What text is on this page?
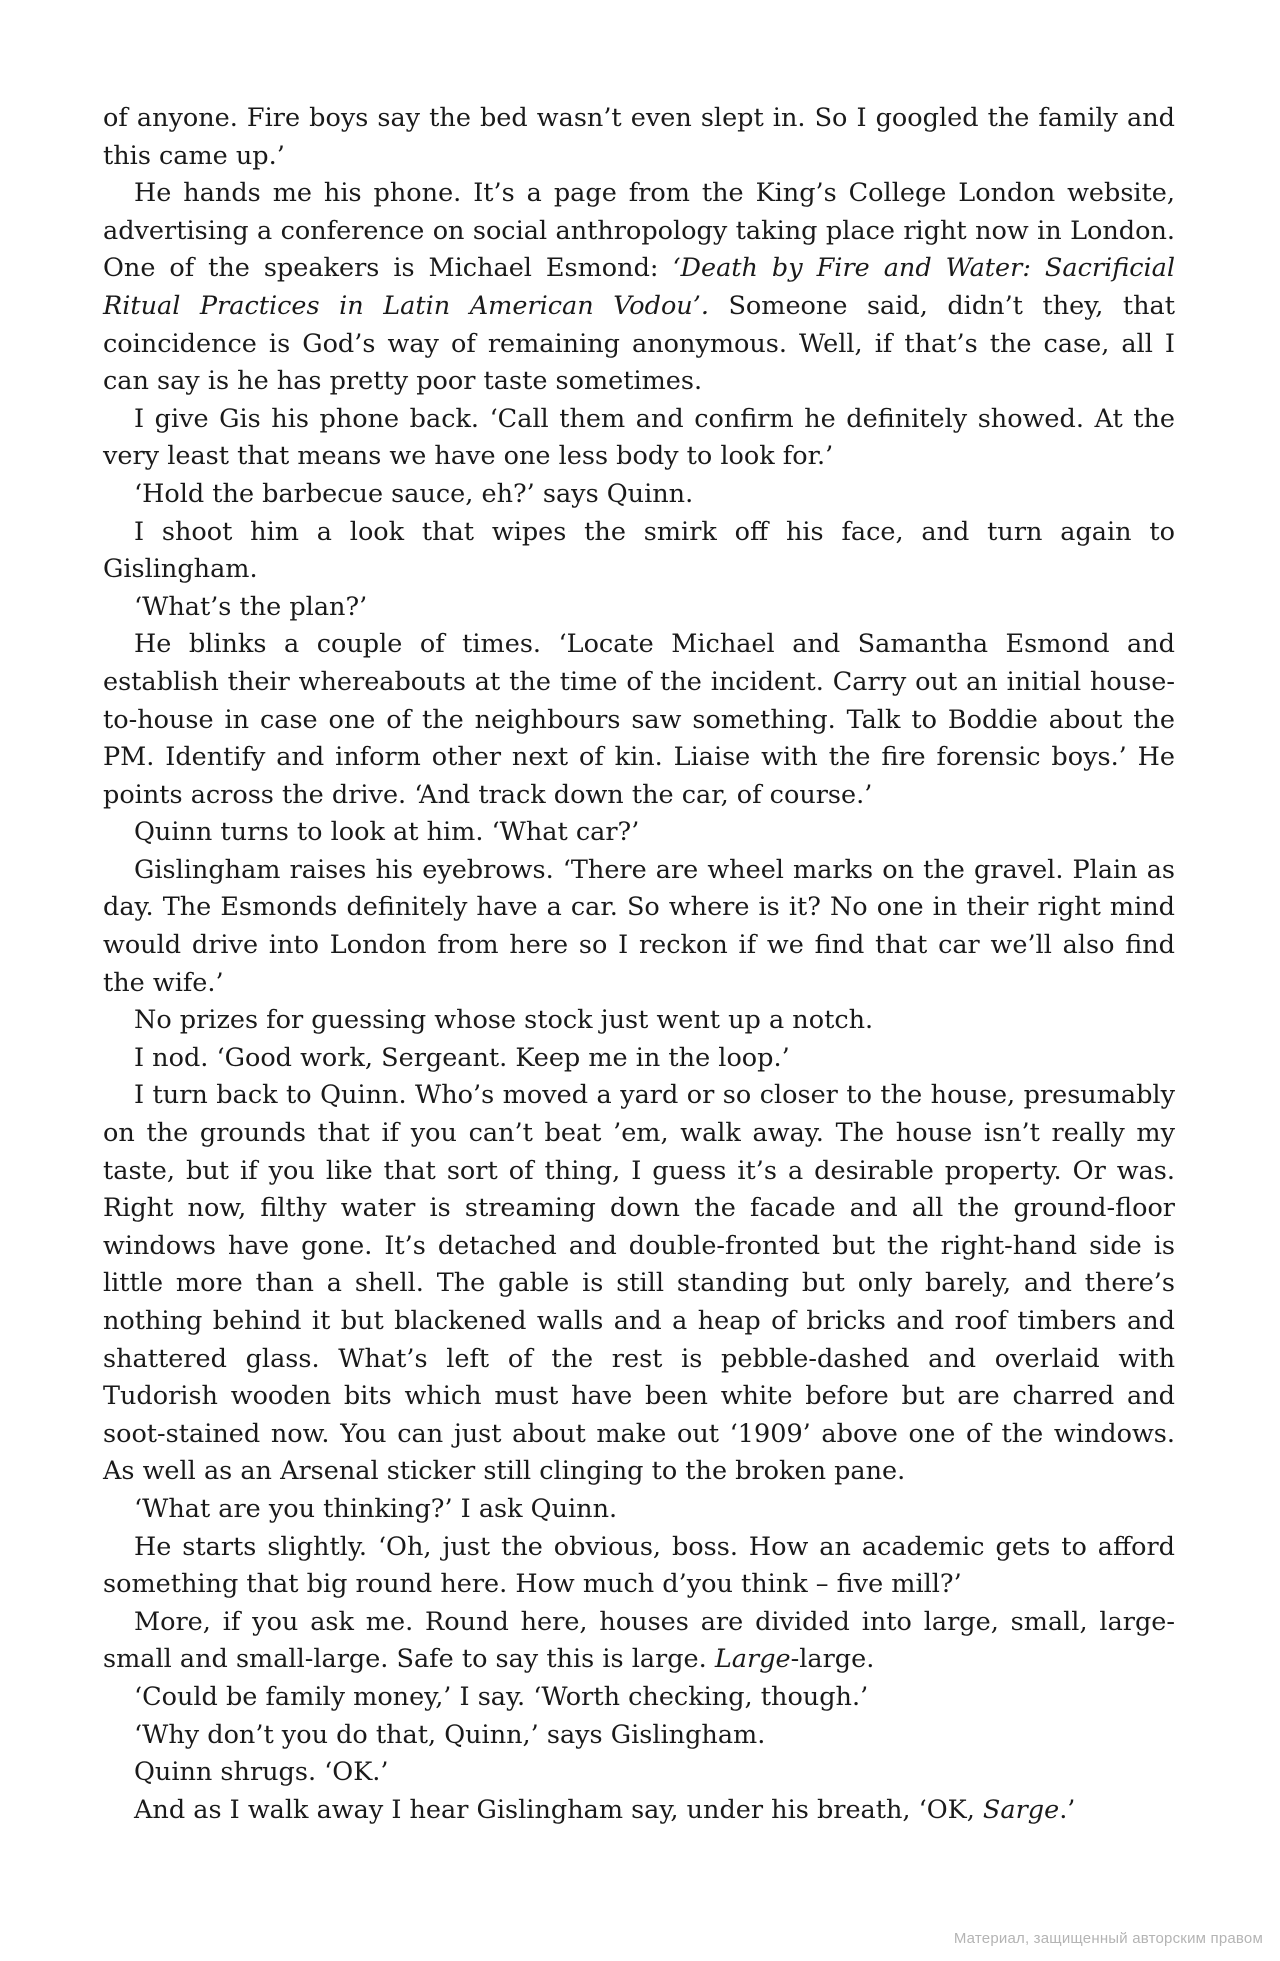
of anyone. Fire boys say the bed wasn’t even slept in. So I googled the family and this came up.’

He hands me his phone. It’s a page from the King’s College London website, advertising a conference on social anthropology taking place right now in London. One of the speakers is Michael Esmond: ‘Death by Fire and Water: Sacrificial Ritual Practices in Latin American Vodou’. Someone said, didn’t they, that coincidence is God’s way of remaining anonymous. Well, if that’s the case, all I can say is he has pretty poor taste sometimes.

I give Gis his phone back. ‘Call them and confirm he definitely showed. At the very least that means we have one less body to look for.’

‘Hold the barbecue sauce, eh?’ says Quinn.

I shoot him a look that wipes the smirk off his face, and turn again to Gislingham.

‘What’s the plan?’

He blinks a couple of times. ‘Locate Michael and Samantha Esmond and establish their whereabouts at the time of the incident. Carry out an initial house-to-house in case one of the neighbours saw something. Talk to Boddie about the PM. Identify and inform other next of kin. Liaise with the fire forensic boys.’ He points across the drive. ‘And track down the car, of course.’

Quinn turns to look at him. ‘What car?’

Gislingham raises his eyebrows. ‘There are wheel marks on the gravel. Plain as day. The Esmonds definitely have a car. So where is it? No one in their right mind would drive into London from here so I reckon if we find that car we’ll also find the wife.’

No prizes for guessing whose stock just went up a notch.

I nod. ‘Good work, Sergeant. Keep me in the loop.’

I turn back to Quinn. Who’s moved a yard or so closer to the house, presumably on the grounds that if you can’t beat ’em, walk away. The house isn’t really my taste, but if you like that sort of thing, I guess it’s a desirable property. Or was. Right now, filthy water is streaming down the facade and all the ground-floor windows have gone. It’s detached and double-fronted but the right-hand side is little more than a shell. The gable is still standing but only barely, and there’s nothing behind it but blackened walls and a heap of bricks and roof timbers and shattered glass. What’s left of the rest is pebble-dashed and overlaid with Tudorish wooden bits which must have been white before but are charred and soot-stained now. You can just about make out ‘1909’ above one of the windows. As well as an Arsenal sticker still clinging to the broken pane.

‘What are you thinking?’ I ask Quinn.

He starts slightly. ‘Oh, just the obvious, boss. How an academic gets to afford something that big round here. How much d’you think – five mill?’

More, if you ask me. Round here, houses are divided into large, small, large-small and small-large. Safe to say this is large. Large-large.

‘Could be family money,’ I say. ‘Worth checking, though.’

‘Why don’t you do that, Quinn,’ says Gislingham.

Quinn shrugs. ‘OK.’

And as I walk away I hear Gislingham say, under his breath, ‘OK, Sarge.’

Материал, защищенный авторским правом
